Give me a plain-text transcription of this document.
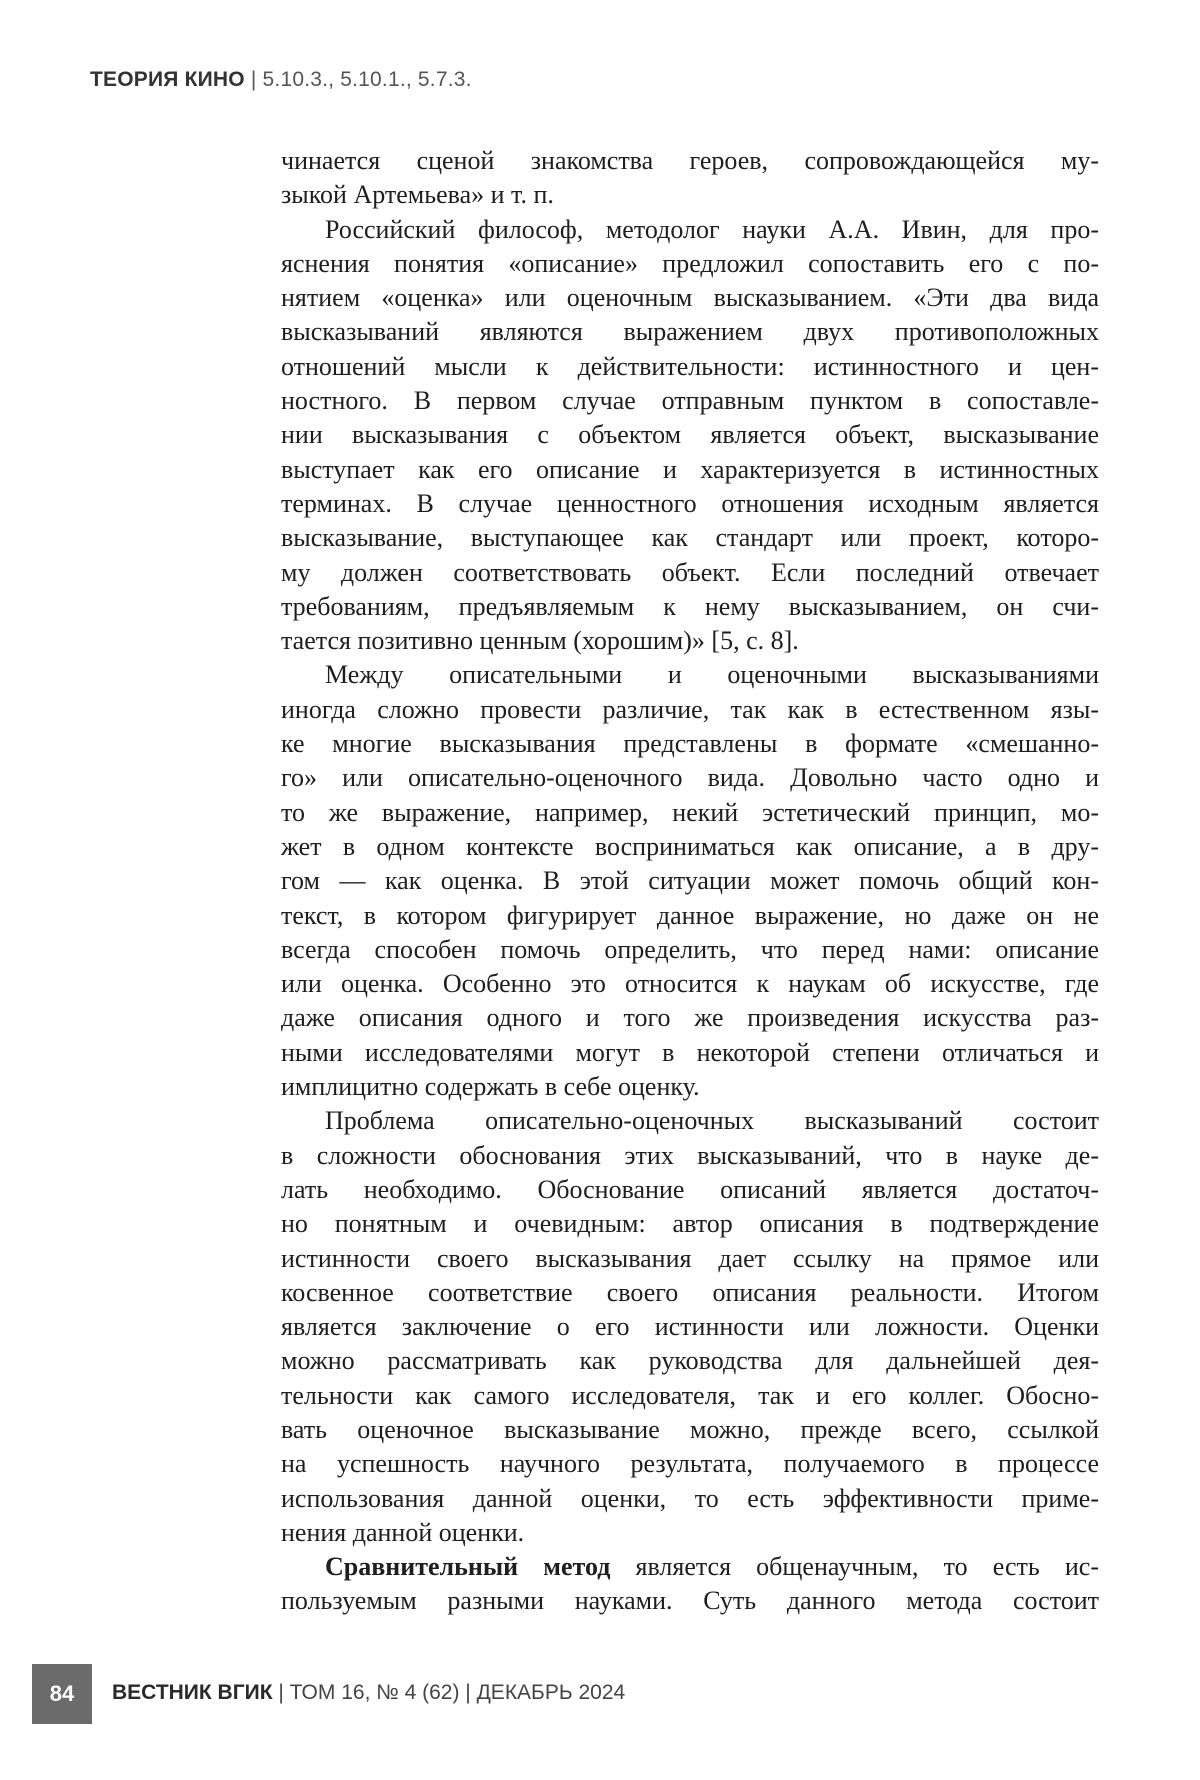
ТЕОРИЯ КИНО | 5.10.3., 5.10.1., 5.7.3.
чинается сценой знакомства героев, сопровождающейся му-
зыкой Артемьева» и т. п.
Российский философ, методолог науки А.А. Ивин, для про-
яснения понятия «описание» предложил сопоставить его с по-
нятием «оценка» или оценочным высказыванием. «Эти два вида
высказываний являются выражением двух противоположных
отношений мысли к действительности: истинностного и цен-
ностного. В первом случае отправным пунктом в сопоставле-
нии высказывания с объектом является объект, высказывание
выступает как его описание и характеризуется в истинностных
терминах. В случае ценностного отношения исходным является
высказывание, выступающее как стандарт или проект, которо-
му должен соответствовать объект. Если последний отвечает
требованиям, предъявляемым к нему высказыванием, он счи-
тается позитивно ценным (хорошим)» [5, с. 8].
Между описательными и оценочными высказываниями
иногда сложно провести различие, так как в естественном язы-
ке многие высказывания представлены в формате «смешанно-
го» или описательно-оценочного вида. Довольно часто одно и
то же выражение, например, некий эстетический принцип, мо-
жет в одном контексте восприниматься как описание, а в дру-
гом — как оценка. В этой ситуации может помочь общий кон-
текст, в котором фигурирует данное выражение, но даже он не
всегда способен помочь определить, что перед нами: описание
или оценка. Особенно это относится к наукам об искусстве, где
даже описания одного и того же произведения искусства раз-
ными исследователями могут в некоторой степени отличаться и
имплицитно содержать в себе оценку.
Проблема описательно-оценочных высказываний состоит
в сложности обоснования этих высказываний, что в науке де-
лать необходимо. Обоснование описаний является достаточ-
но понятным и очевидным: автор описания в подтверждение
истинности своего высказывания дает ссылку на прямое или
косвенное соответствие своего описания реальности. Итогом
является заключение о его истинности или ложности. Оценки
можно рассматривать как руководства для дальнейшей дея-
тельности как самого исследователя, так и его коллег. Обосно-
вать оценочное высказывание можно, прежде всего, ссылкой
на успешность научного результата, получаемого в процессе
использования данной оценки, то есть эффективности приме-
нения данной оценки.
Сравнительный метод является общенаучным, то есть ис-
пользуемым разными науками. Суть данного метода состоит
84	ВЕСТНИК ВГИК | ТОМ 16, № 4 (62) | ДЕКАБРЬ 2024
